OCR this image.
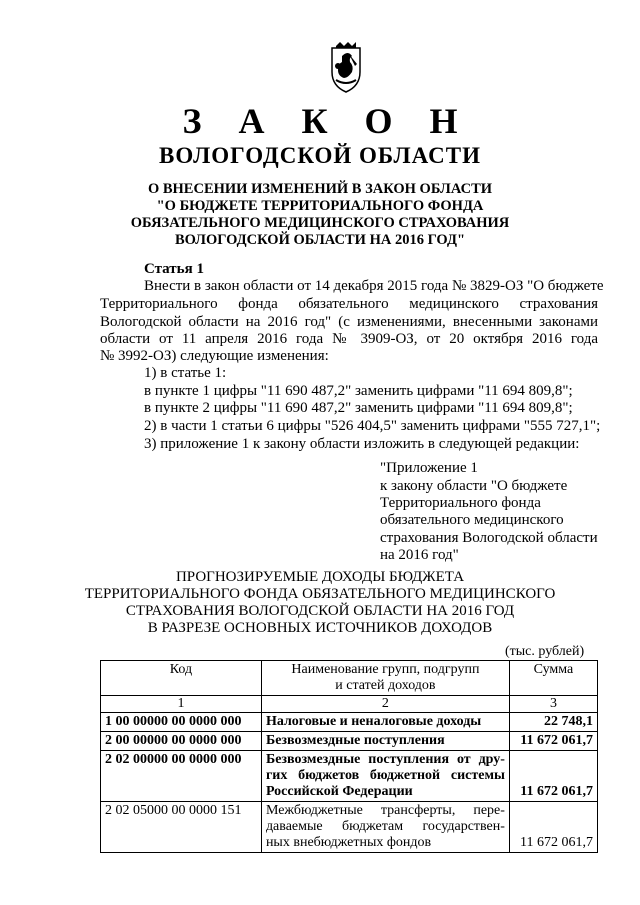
З А К О Н
ВОЛОГОДСКОЙ ОБЛАСТИ
О ВНЕСЕНИИ ИЗМЕНЕНИЙ В ЗАКОН ОБЛАСТИ
"О БЮДЖЕТЕ ТЕРРИТОРИАЛЬНОГО ФОНДА
ОБЯЗАТЕЛЬНОГО МЕДИЦИНСКОГО СТРАХОВАНИЯ
ВОЛОГОДСКОЙ ОБЛАСТИ НА 2016 ГОД"
Статья 1
Внести в закон области от 14 декабря 2015 года № 3829-ОЗ "О бюджете
Территориального фонда обязательного медицинского страхования
Вологодской области на 2016 год" (с изменениями, внесенными законами
области от 11 апреля 2016 года № 3909-ОЗ, от 20 октября 2016 года
№ 3992-ОЗ) следующие изменения:
1) в статье 1:
в пункте 1 цифры "11 690 487,2" заменить цифрами "11 694 809,8";
в пункте 2 цифры "11 690 487,2" заменить цифрами "11 694 809,8";
2) в части 1 статьи 6 цифры "526 404,5" заменить цифрами "555 727,1";
3) приложение 1 к закону области изложить в следующей редакции:
"Приложение 1
к закону области "О бюджете
Территориального фонда
обязательного медицинского
страхования Вологодской области
на 2016 год"
ПРОГНОЗИРУЕМЫЕ ДОХОДЫ БЮДЖЕТА
ТЕРРИТОРИАЛЬНОГО ФОНДА ОБЯЗАТЕЛЬНОГО МЕДИЦИНСКОГО
СТРАХОВАНИЯ ВОЛОГОДСКОЙ ОБЛАСТИ НА 2016 ГОД
В РАЗРЕЗЕ ОСНОВНЫХ ИСТОЧНИКОВ ДОХОДОВ
(тыс. рублей)
Код	Наименование групп, подгрупп
и статей доходов	Сумма
1	2	3
1 00 00000 00 0000 000	Налоговые и неналоговые доходы	22 748,1
2 00 00000 00 0000 000	Безвозмездные поступления	11 672 061,7
2 02 00000 00 0000 000	Безвозмездные поступления от дру-
гих бюджетов бюджетной системы
Российской Федерации	11 672 061,7
2 02 05000 00 0000 151	Межбюджетные трансферты, пере-
даваемые бюджетам государствен-
ных внебюджетных фондов	11 672 061,7
